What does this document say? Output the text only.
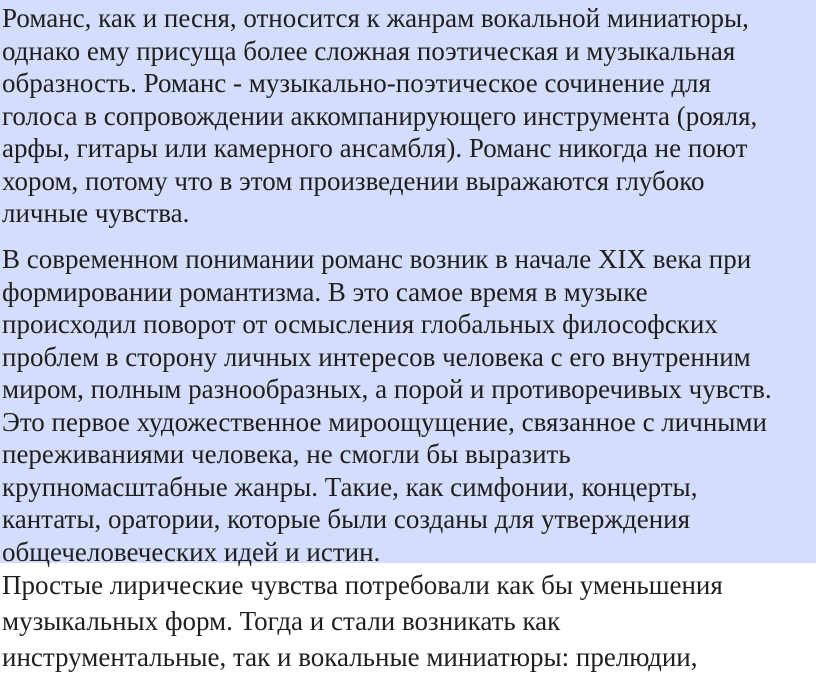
Романс, как и песня, относится к жанрам вокальной миниатюры,
однако ему присуща более сложная поэтическая и музыкальная
образность. Романс - музыкально-поэтическое сочинение для
голоса в сопровождении аккомпанирующего инструмента (рояля,
арфы, гитары или камерного ансамбля). Романс никогда не поют
хором, потому что в этом произведении выражаются глубоко
личные чувства.

В современном понимании романс возник в начале XIX века при
формировании романтизма. В это самое время в музыке
происходил поворот от осмысления глобальных философских
проблем в сторону личных интересов человека с его внутренним
миром, полным разнообразных, а порой и противоречивых чувств.
Это первое художественное мироощущение, связанное с личными
переживаниями человека, не смогли бы выразить
крупномасштабные жанры. Такие, как симфонии, концерты,
кантаты, оратории, которые были созданы для утверждения
общечеловеческих идей и истин.

Простые лирические чувства потребовали как бы уменьшения
музыкальных форм. Тогда и стали возникать как
инструментальные, так и вокальные миниатюры: прелюдии,
